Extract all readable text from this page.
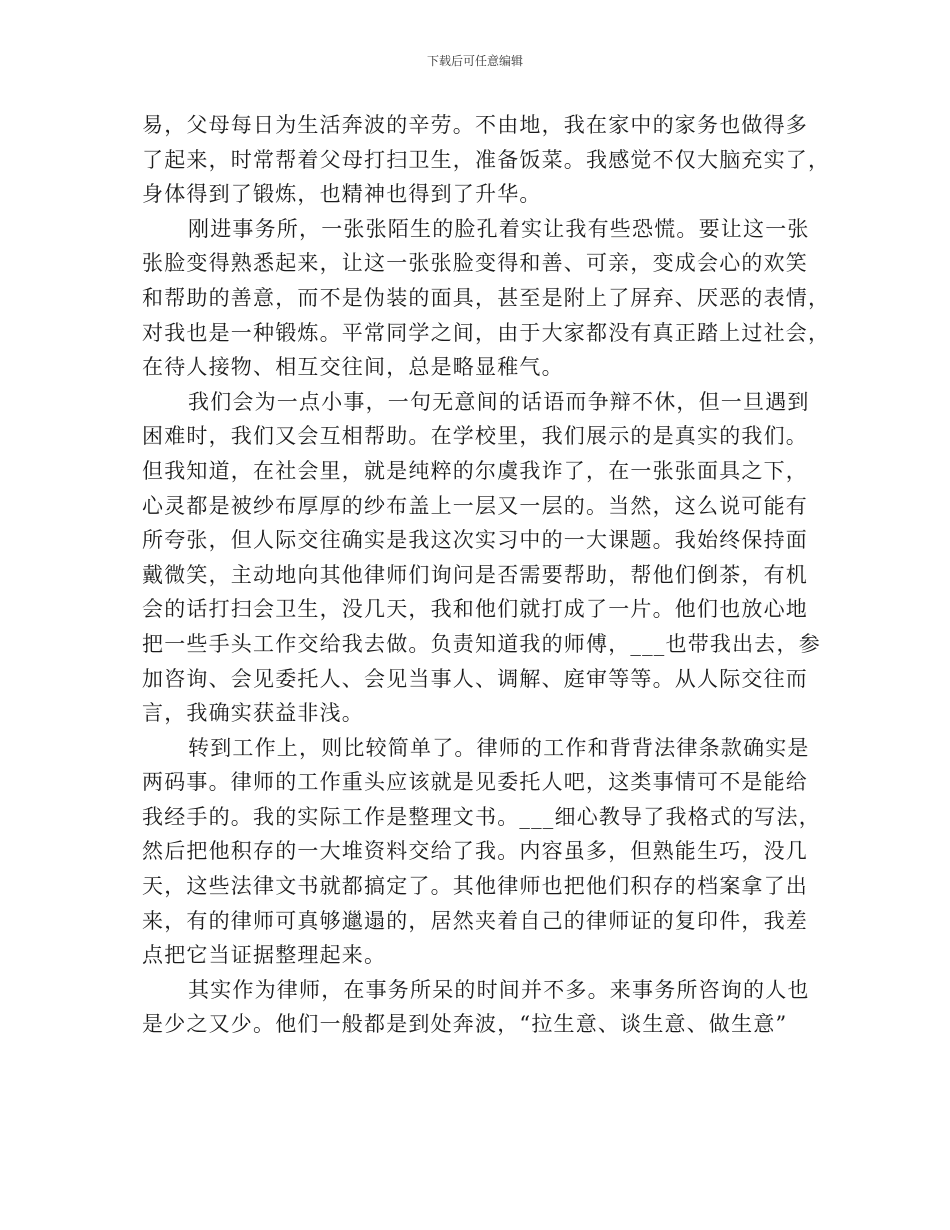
下载后可任意编辑
易，父母每日为生活奔波的辛劳。不由地，我在家中的家务也做得多
了起来，时常帮着父母打扫卫生，准备饭菜。我感觉不仅大脑充实了，
身体得到了锻炼，也精神也得到了升华。
刚进事务所，一张张陌生的脸孔着实让我有些恐慌。要让这一张
张脸变得熟悉起来，让这一张张脸变得和善、可亲，变成会心的欢笑
和帮助的善意，而不是伪装的面具，甚至是附上了屏弃、厌恶的表情，
对我也是一种锻炼。平常同学之间，由于大家都没有真正踏上过社会，
在待人接物、相互交往间，总是略显稚气。
我们会为一点小事，一句无意间的话语而争辩不休，但一旦遇到
困难时，我们又会互相帮助。在学校里，我们展示的是真实的我们。
但我知道，在社会里，就是纯粹的尔虞我诈了，在一张张面具之下，
心灵都是被纱布厚厚的纱布盖上一层又一层的。当然，这么说可能有
所夸张，但人际交往确实是我这次实习中的一大课题。我始终保持面
戴微笑，主动地向其他律师们询问是否需要帮助，帮他们倒茶，有机
会的话打扫会卫生，没几天，我和他们就打成了一片。他们也放心地
把一些手头工作交给我去做。负责知道我的师傅，___也带我出去，参
加咨询、会见委托人、会见当事人、调解、庭审等等。从人际交往而
言，我确实获益非浅。
转到工作上，则比较简单了。律师的工作和背背法律条款确实是
两码事。律师的工作重头应该就是见委托人吧，这类事情可不是能给
我经手的。我的实际工作是整理文书。___细心教导了我格式的写法，
然后把他积存的一大堆资料交给了我。内容虽多，但熟能生巧，没几
天，这些法律文书就都搞定了。其他律师也把他们积存的档案拿了出
来，有的律师可真够邋遢的，居然夹着自己的律师证的复印件，我差
点把它当证据整理起来。
其实作为律师，在事务所呆的时间并不多。来事务所咨询的人也
是少之又少。他们一般都是到处奔波，“拉生意、谈生意、做生意”
